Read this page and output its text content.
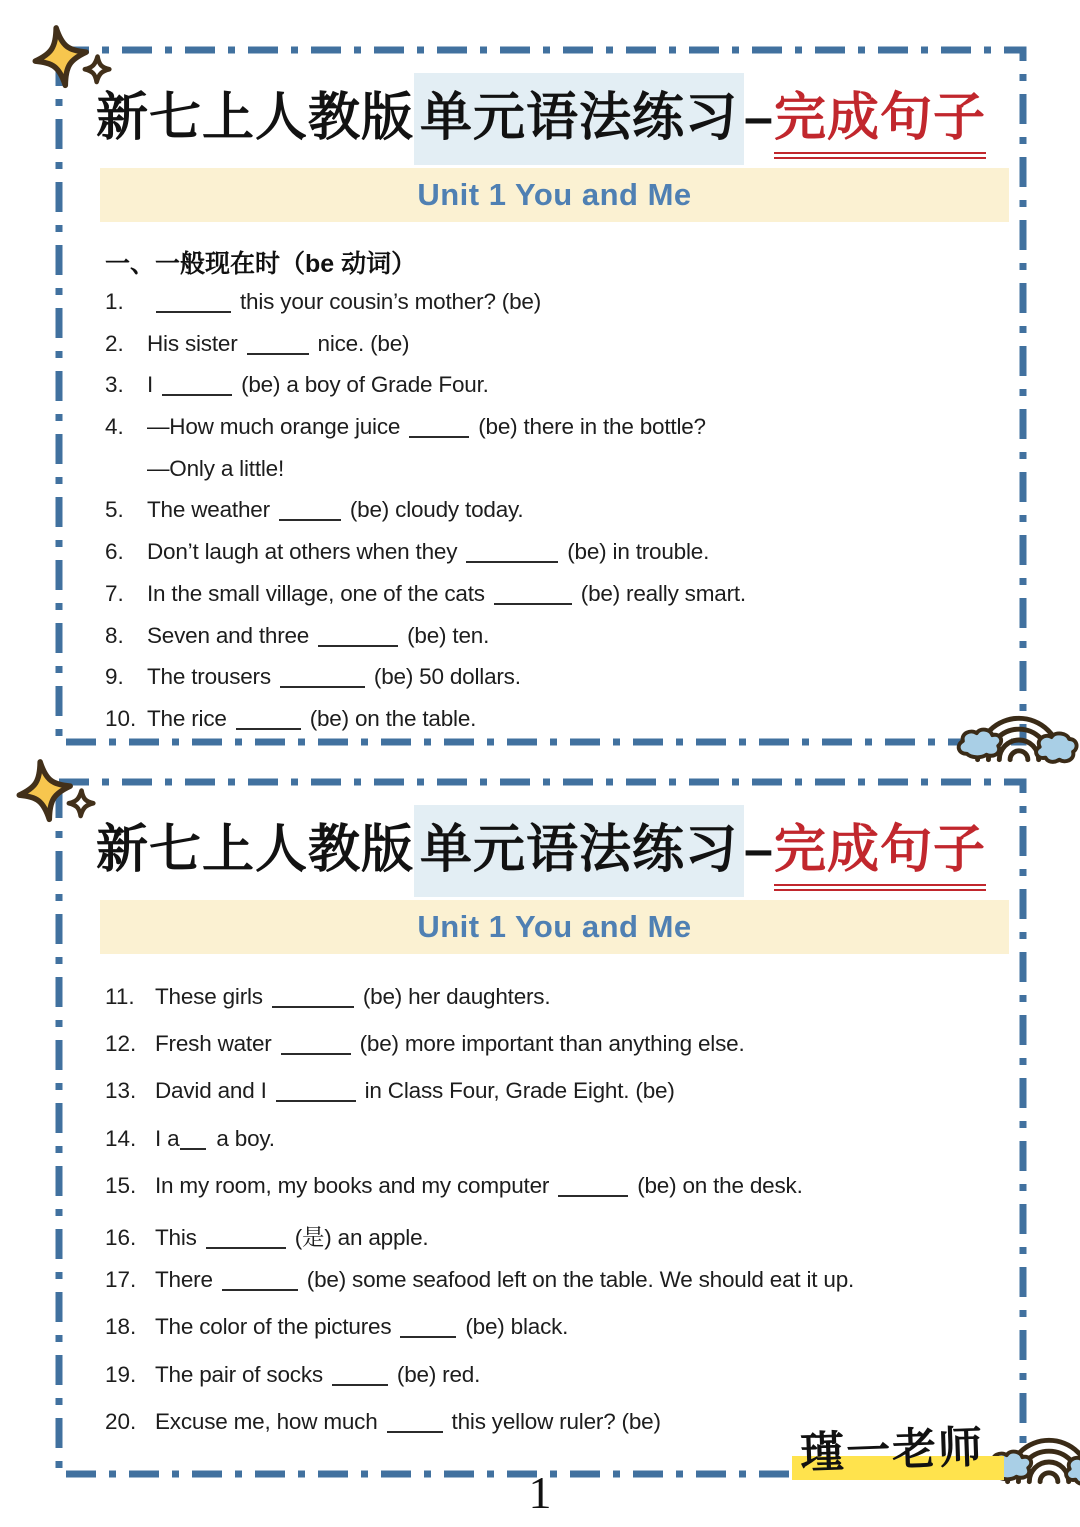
新七上人教版 单元语法练习 –完成句子
Unit 1 You and Me
一、一般现在时（be 动词）
1.	this your cousin’s mother? (be)
2.	His sister	nice. (be)
3.	I	(be) a boy of Grade Four.
4.	—How much orange juice	(be) there in the bottle?
—Only a little!
5.	The weather	(be) cloudy today.
6.	Don’t laugh at others when they	(be) in trouble.
7.	In the small village, one of the cats	(be) really smart.
8.	Seven and three	(be) ten.
9.	The trousers	(be) 50 dollars.
10. The rice	(be) on the table.
新七上人教版 单元语法练习 –完成句子
Unit 1 You and Me
11. These girls	(be) her daughters.
12. Fresh water	(be) more important than anything else.
13. David and I	in Class Four, Grade Eight. (be)
14. I a a boy.
15. In my room, my books and my computer	(be) on the desk.
16. This	(是) an apple.
17. There	(be) some seafood left on the table. We should eat it up.
18. The color of the pictures	(be) black.
19. The pair of socks	(be) red.
20. Excuse me, how much	this yellow ruler? (be)
瑾一老师
1
